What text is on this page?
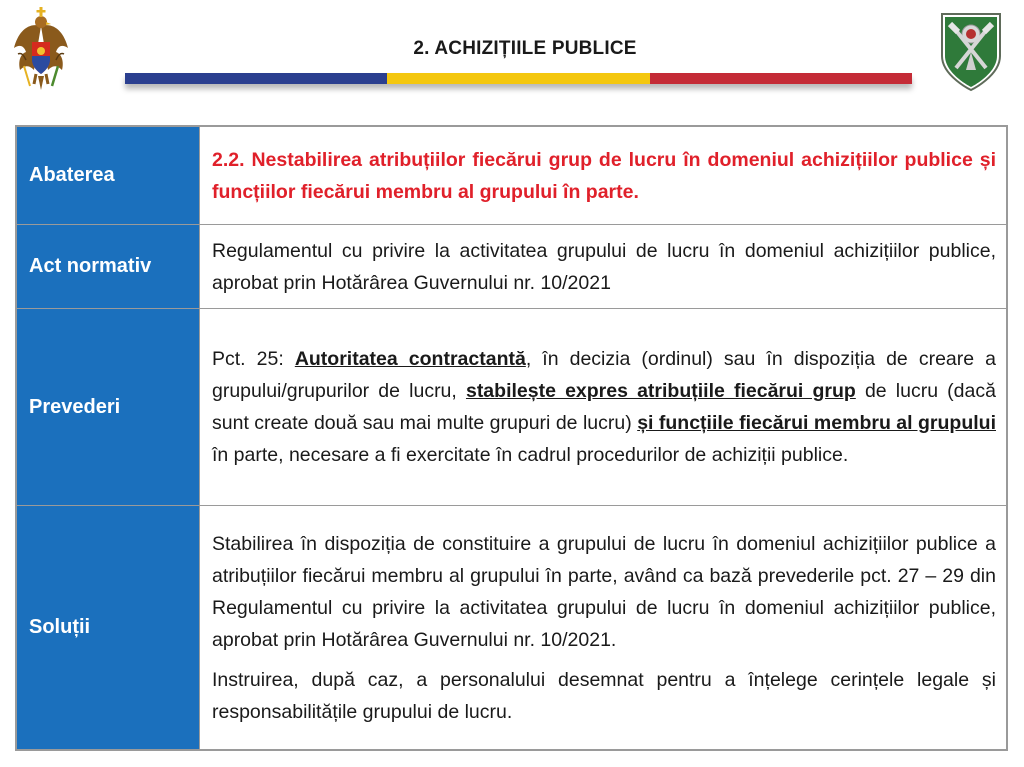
2. ACHIZIȚIILE PUBLICE
Abaterea	2.2. Nestabilirea atribuțiilor fiecărui grup de lucru în domeniul achizițiilor publice și funcțiilor fiecărui membru al grupului în parte.
Act normativ	Regulamentul cu privire la activitatea grupului de lucru în domeniul achizițiilor publice, aprobat prin Hotărârea Guvernului nr. 10/2021
Prevederi	Pct. 25: Autoritatea contractantă, în decizia (ordinul) sau în dispoziția de creare a grupului/grupurilor de lucru, stabilește expres atribuțiile fiecărui grup de lucru (dacă sunt create două sau mai multe grupuri de lucru) și funcțiile fiecărui membru al grupului în parte, necesare a fi exercitate în cadrul procedurilor de achiziții publice.
Soluții	Stabilirea în dispoziția de constituire a grupului de lucru în domeniul achizițiilor publice a atribuțiilor fiecărui membru al grupului în parte, având ca bază prevederile pct. 27 – 29 din Regulamentul cu privire la activitatea grupului de lucru în domeniul achizițiilor publice, aprobat prin Hotărârea Guvernului nr. 10/2021.

Instruirea, după caz, a personalului desemnat pentru a înțelege cerințele legale și responsabilitățile grupului de lucru.
